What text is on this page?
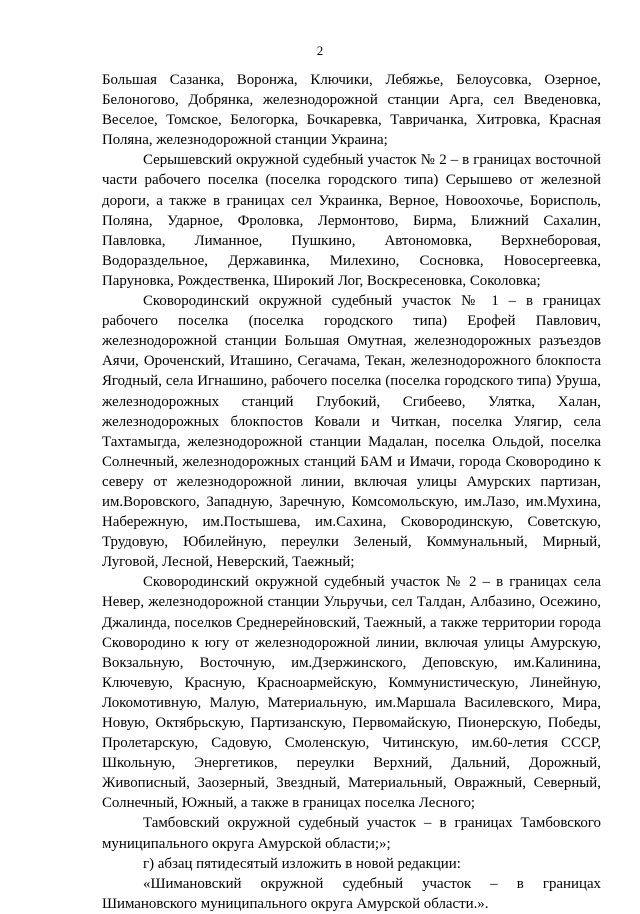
2

Большая Сазанка, Воронжа, Ключики, Лебяжье, Белоусовка, Озерное, Белоногово, Добрянка, железнодорожной станции Арга, сел Введеновка, Веселое, Томское, Белогорка, Бочкаревка, Тавричанка, Хитровка, Красная Поляна, железнодорожной станции Украина;

Серышевский окружной судебный участок № 2 – в границах восточной части рабочего поселка (поселка городского типа) Серышево от железной дороги, а также в границах сел Украинка, Верное, Новоохочье, Борисполь, Поляна, Ударное, Фроловка, Лермонтово, Бирма, Ближний Сахалин, Павловка, Лиманное, Пушкино, Автономовка, Верхнеборовая, Водораздельное, Державинка, Милехино, Сосновка, Новосергеевка, Паруновка, Рождественка, Широкий Лог, Воскресеновка, Соколовка;

Сковородинский окружной судебный участок № 1 – в границах рабочего поселка (поселка городского типа) Ерофей Павлович, железнодорожной станции Большая Омутная, железнодорожных разъездов Аячи, Ороченский, Иташино, Сегачама, Текан, железнодорожного блокпоста Ягодный, села Игнашино, рабочего поселка (поселка городского типа) Уруша, железнодорожных станций Глубокий, Сгибеево, Улятка, Халан, железнодорожных блокпостов Ковали и Читкан, поселка Улягир, села Тахтамыгда, железнодорожной станции Мадалан, поселка Ольдой, поселка Солнечный, железнодорожных станций БАМ и Имачи, города Сковородино к северу от железнодорожной линии, включая улицы Амурских партизан, им.Воровского, Западную, Заречную, Комсомольскую, им.Лазо, им.Мухина, Набережную, им.Постышева, им.Сахина, Сковородинскую, Советскую, Трудовую, Юбилейную, переулки Зеленый, Коммунальный, Мирный, Луговой, Лесной, Неверский, Таежный;

Сковородинский окружной судебный участок № 2 – в границах села Невер, железнодорожной станции Ульручьи, сел Талдан, Албазино, Осежино, Джалинда, поселков Среднерейновский, Таежный, а также территории города Сковородино к югу от железнодорожной линии, включая улицы Амурскую, Вокзальную, Восточную, им.Дзержинского, Деповскую, им.Калинина, Ключевую, Красную, Красноармейскую, Коммунистическую, Линейную, Локомотивную, Малую, Материальную, им.Маршала Василевского, Мира, Новую, Октябрьскую, Партизанскую, Первомайскую, Пионерскую, Победы, Пролетарскую, Садовую, Смоленскую, Читинскую, им.60-летия СССР, Школьную, Энергетиков, переулки Верхний, Дальний, Дорожный, Живописный, Заозерный, Звездный, Материальный, Овражный, Северный, Солнечный, Южный, а также в границах поселка Лесного;

Тамбовский окружной судебный участок – в границах Тамбовского муниципального округа Амурской области;»;

г) абзац пятидесятый изложить в новой редакции:

«Шимановский окружной судебный участок – в границах Шимановского муниципального округа Амурской области.».
